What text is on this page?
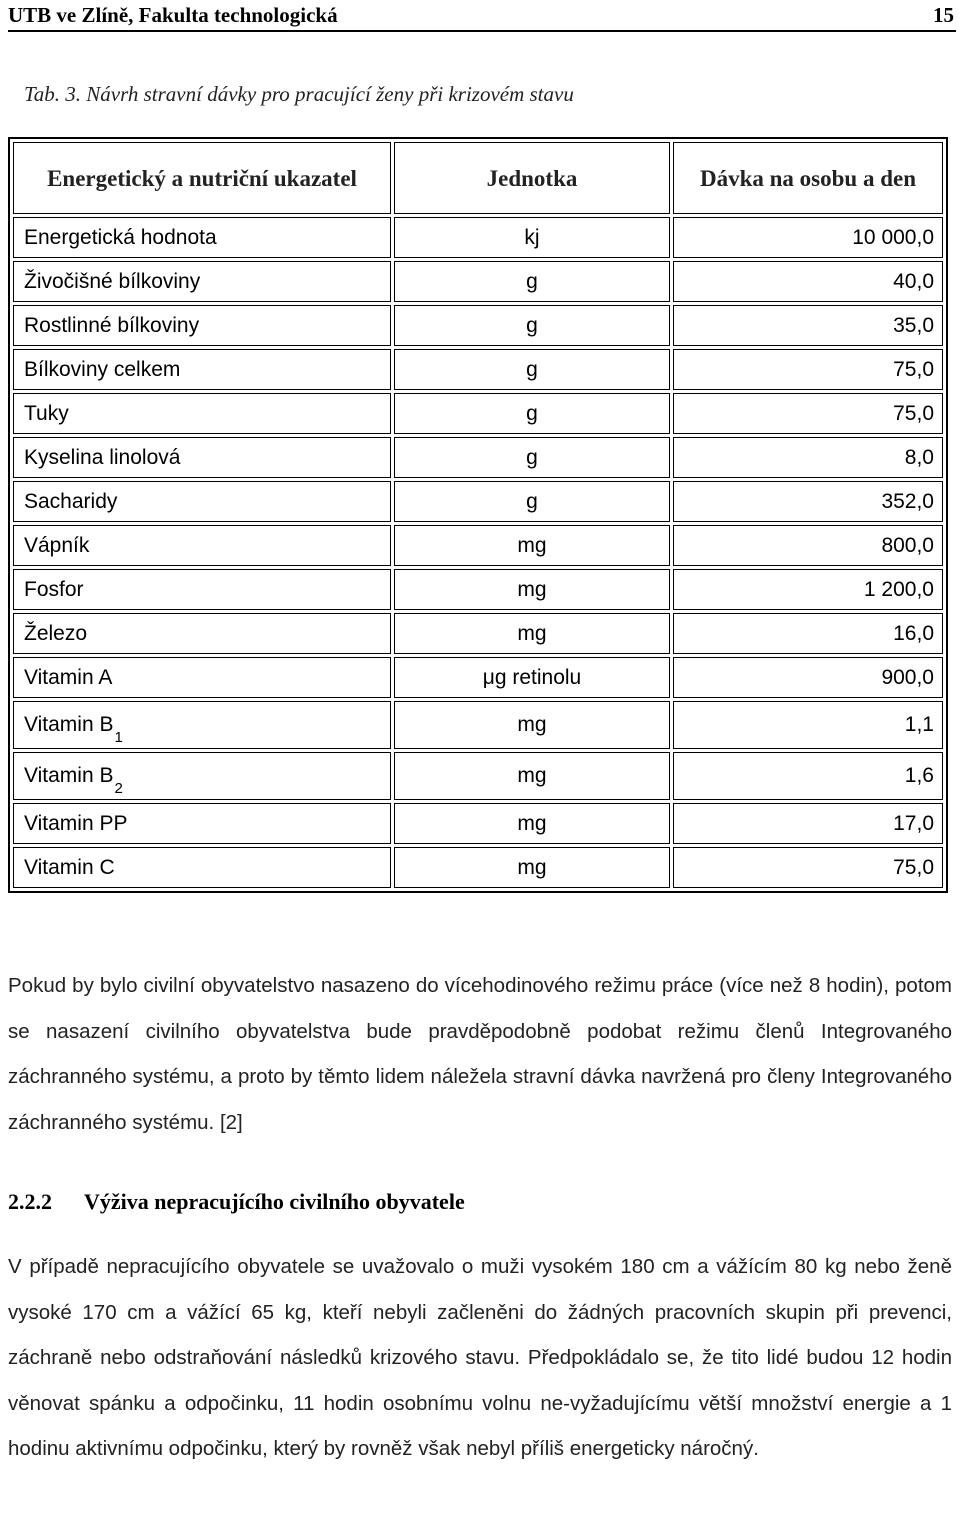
UTB ve Zlíně, Fakulta technologická	15
Tab. 3. Návrh stravní dávky pro pracující ženy při krizovém stavu
Energetický a nutriční ukazatel	Jednotka	Dávka na osobu a den
Energetická hodnota	kj	10 000,0
Živočišné bílkoviny	g	40,0
Rostlinné bílkoviny	g	35,0
Bílkoviny celkem	g	75,0
Tuky	g	75,0
Kyselina linolová	g	8,0
Sacharidy	g	352,0
Vápník	mg	800,0
Fosfor	mg	1 200,0
Železo	mg	16,0
Vitamin A	μg retinolu	900,0
Vitamin $B_1$	mg	1,1
Vitamin $B_2$	mg	1,6
Vitamin PP	mg	17,0
Vitamin C	mg	75,0
Pokud by bylo civilní obyvatelstvo nasazeno do vícehodinového režimu práce (více než 8 hodin), potom se nasazení civilního obyvatelstva bude pravděpodobně podobat režimu členů Integrovaného záchranného systému, a proto by těmto lidem náležela stravní dávka navržená pro členy Integrovaného záchranného systému. [2]
2.2.2 Výživa nepracujícího civilního obyvatele
V případě nepracujícího obyvatele se uvažovalo o muži vysokém 180 cm a vážícím 80 kg nebo ženě vysoké 170 cm a vážící 65 kg, kteří nebyli začleněni do žádných pracovních skupin při prevenci, záchraně nebo odstraňování následků krizového stavu. Předpokládalo se, že tito lidé budou 12 hodin věnovat spánku a odpočinku, 11 hodin osobnímu volnu ne-vyžadujícímu větší množství energie a 1 hodinu aktivnímu odpočinku, který by rovněž však nebyl příliš energeticky náročný.
